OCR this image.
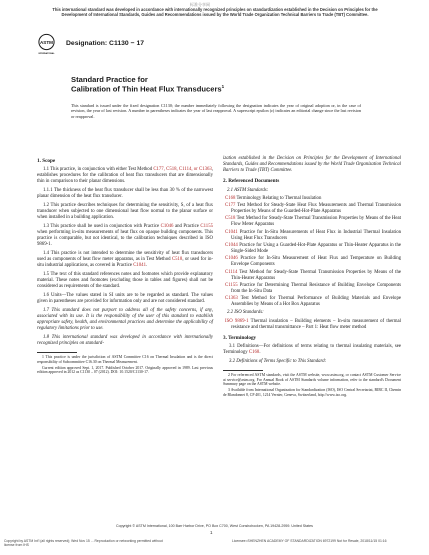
标准分享网
This international standard was developed in accordance with internationally recognized principles on standardization established in the Decision on Principles for the Development of International Standards, Guides and Recommendations issued by the World Trade Organization Technical Barriers to Trade (TBT) Committee.
ASTM
INTERNATIONAL
Designation: C1130 − 17
Standard Practice for
Calibration of Thin Heat Flux Transducers$^1$
This standard is issued under the fixed designation C1130; the number immediately following the designation indicates the year of original adoption or, in the case of revision, the year of last revision. A number in parentheses indicates the year of last reapproval. A superscript epsilon (ε) indicates an editorial change since the last revision or reapproval.
1. Scope
1.1 This practice, in conjunction with either Test Method C177, C518, C1114, or C1363, establishes procedures for the calibration of heat flux transducers that are dimensionally thin in comparison to their planar dimensions.
1.1.1 The thickness of the heat flux transducer shall be less than 30 % of the narrowest planar dimension of the heat flux transducer.
1.2 This practice describes techniques for determining the sensitivity, S, of a heat flux transducer when subjected to one dimensional heat flow normal to the planar surface or when installed in a building application.
1.3 This practice shall be used in conjunction with Practice C1046 and Practice C1155 when performing in-situ measurements of heat flux on opaque building components. This practice is comparable, but not identical, to the calibration techniques described in ISO 9869-1.
1.4 This practice is not intended to determine the sensitivity of heat flux transducers used as components of heat flow meter apparatus, as in Test Method C518, or used for in-situ industrial applications, as covered in Practice C1041.
1.5 The text of this standard references notes and footnotes which provide explanatory material. These notes and footnotes (excluding those in tables and figures) shall not be considered as requirements of the standard.
1.6 Units—The values stated in SI units are to be regarded as standard. The values given in parentheses are provided for information only and are not considered standard.
1.7 This standard does not purport to address all of the safety concerns, if any, associated with its use. It is the responsibility of the user of this standard to establish appropriate safety, health, and environmental practices and determine the applicability of regulatory limitations prior to use.
1.8 This international standard was developed in accordance with internationally recognized principles on standard-
1 This practice is under the jurisdiction of ASTM Committee C16 on Thermal Insulation and is the direct responsibility of Subcommittee C16.30 on Thermal Measurement.
Current edition approved Sept. 1, 2017. Published October 2017. Originally approved in 1989. Last previous edition approved in 2012 as C1130 – 07 (2012). DOI: 10.1520/C1130-17.
ization established in the Decision on Principles for the Development of International Standards, Guides and Recommendations issued by the World Trade Organization Technical Barriers to Trade (TBT) Committee.
2. Referenced Documents
2.1 ASTM Standards:
C168 Terminology Relating to Thermal Insulation
C177 Test Method for Steady-State Heat Flux Measurements and Thermal Transmission Properties by Means of the Guarded-Hot-Plate Apparatus
C518 Test Method for Steady-State Thermal Transmission Properties by Means of the Heat Flow Meter Apparatus
C1041 Practice for In-Situ Measurements of Heat Flux in Industrial Thermal Insulation Using Heat Flux Transducers
C1044 Practice for Using a Guarded-Hot-Plate Apparatus or Thin-Heater Apparatus in the Single-Sided Mode
C1046 Practice for In-Situ Measurement of Heat Flux and Temperature on Building Envelope Components
C1114 Test Method for Steady-State Thermal Transmission Properties by Means of the Thin-Heater Apparatus
C1155 Practice for Determining Thermal Resistance of Building Envelope Components from the In-Situ Data
C1363 Test Method for Thermal Performance of Building Materials and Envelope Assemblies by Means of a Hot Box Apparatus
2.2 ISO Standards:
ISO 9869-1 Thermal insulation – Building elements – In-situ measurement of thermal resistance and thermal transmittance – Part 1: Heat flow meter method
3. Terminology
3.1 Definitions—For definitions of terms relating to thermal insulating materials, see Terminology C168.
3.2 Definitions of Terms Specific to This Standard:
2 For referenced ASTM standards, visit the ASTM website, www.astm.org, or contact ASTM Customer Service at service@astm.org. For Annual Book of ASTM Standards volume information, refer to the standard's Document Summary page on the ASTM website.
3 Available from International Organization for Standardization (ISO), ISO Central Secretariat, BIBC II, Chemin de Blandonnet 8, CP 401, 1214 Vernier, Geneva, Switzerland, http://www.iso.org.
Copyright © ASTM International, 100 Barr Harbor Drive, PO Box C700, West Conshohocken, PA 19428-2959. United States
1
Copyright by ASTM Int'l (all rights reserved); Wed Nov 15 ... Reproduction or networking permitted without license from IHS
Licensee=SHENZHEN ACADEMY OF STANDARDIZATION 6972199 Not for Resale, 2018/11/15 01:16
